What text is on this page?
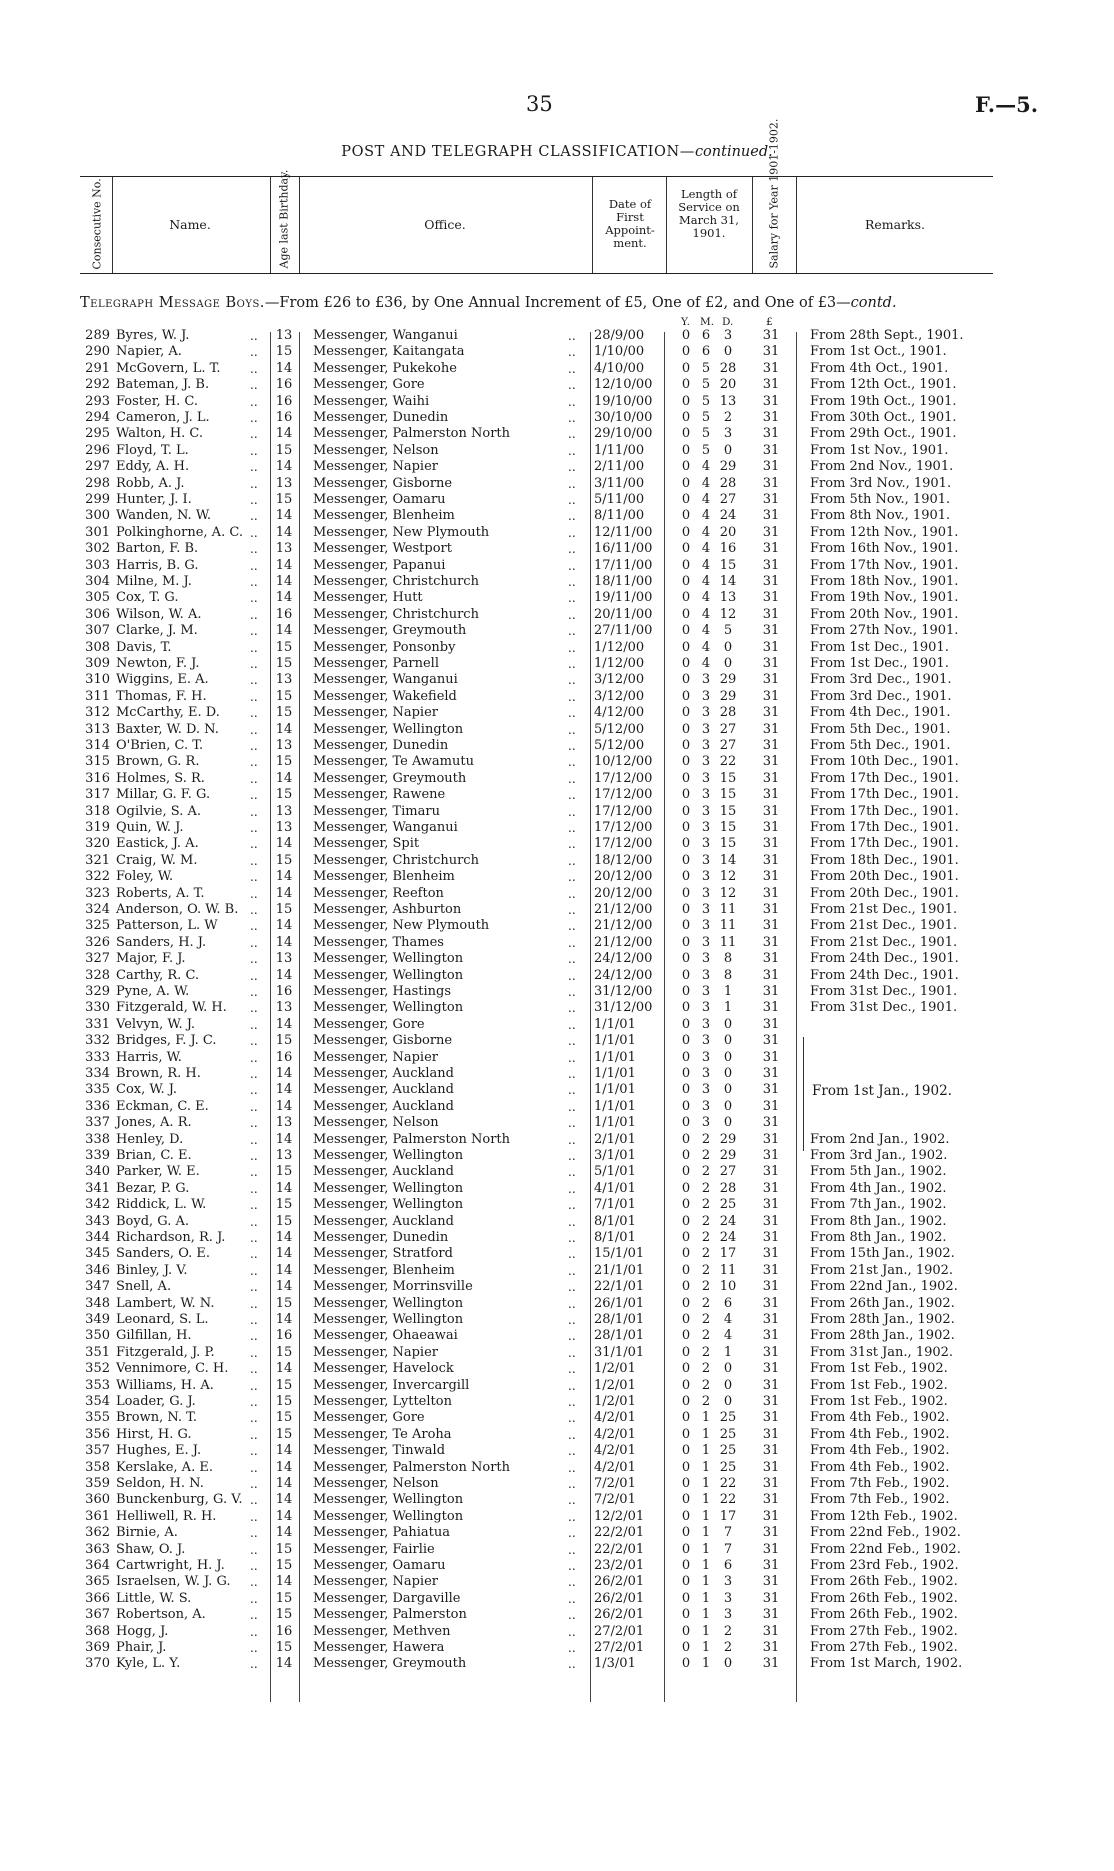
35	F.—5.
POST AND TELEGRAPH CLASSIFICATION—continued.
Consecutive No.	Name.	Age last Birthday.	Office.
Date of First Appoint- ment.
Length of Service on March 31, 1901.	Salary for Year 1901-1902.	Remarks.
Telegraph Message Boys.—From £26 to £36, by One Annual Increment of £5, One of £2, and One of £3—contd.
Y. M. D.	£
289 Byres, W. J.	13 Messenger, Wanganui	28/9/00	0 6	3	31	From 28th Sept., 1901.
..	..
290 Napier, A.	15 Messenger, Kaitangata	1/10/00	0 6	0	31	From 1st Oct., 1901.
..	..
291 McGovern, L. T.	14 Messenger, Pukekohe	4/10/00	0 5 28	31	From 4th Oct., 1901.
..	..
292 Bateman, J. B.	16 Messenger, Gore	12/10/00	0 5 20	31	From 12th Oct., 1901.
..	..
293 Foster, H. C.	16 Messenger, Waihi	19/10/00	0 5 13	31	From 19th Oct., 1901.
..	..
294 Cameron, J. L.	16 Messenger, Dunedin	30/10/00	0 5	2	31	From 30th Oct., 1901.
..	..
295 Walton, H. C.	14 Messenger, Palmerston North	29/10/00	0 5	3	31	From 29th Oct., 1901.
..	..
296 Floyd, T. L.	15 Messenger, Nelson	1/11/00	0 5	0	31	From 1st Nov., 1901.
..	..
297 Eddy, A. H.	14 Messenger, Napier	2/11/00	0 4 29	31	From 2nd Nov., 1901.
..	..
298 Robb, A. J.	13 Messenger, Gisborne	3/11/00	0 4 28	31	From 3rd Nov., 1901.
..	..
299 Hunter, J. I.	15 Messenger, Oamaru	5/11/00	0 4 27	31	From 5th Nov., 1901.
..	..
300 Wanden, N. W.	14 Messenger, Blenheim	8/11/00	0 4 24	31	From 8th Nov., 1901.
..	..
301 Polkinghorne, A. C.	14 Messenger, New Plymouth	12/11/00	0 4 20	31	From 12th Nov., 1901.
..	..
302 Barton, F. B.	13 Messenger, Westport	16/11/00	0 4 16	31	From 16th Nov., 1901.
..	..
303 Harris, B. G.	14 Messenger, Papanui	17/11/00	0 4 15	31	From 17th Nov., 1901.
..	..
304 Milne, M. J.	14 Messenger, Christchurch	18/11/00	0 4 14	31	From 18th Nov., 1901.
..	..
305 Cox, T. G.	14 Messenger, Hutt	19/11/00	0 4 13	31	From 19th Nov., 1901.
..	..
306 Wilson, W. A.	16 Messenger, Christchurch	20/11/00	0 4 12	31	From 20th Nov., 1901.
..	..
307 Clarke, J. M.	14 Messenger, Greymouth	27/11/00	0 4	5	31	From 27th Nov., 1901.
..	..
308 Davis, T.	15 Messenger, Ponsonby	1/12/00	0 4	0	31	From 1st Dec., 1901.
..	..
309 Newton, F. J.	15 Messenger, Parnell	1/12/00	0 4	0	31	From 1st Dec., 1901.
..	..
310 Wiggins, E. A.	13 Messenger, Wanganui	3/12/00	0 3 29	31	From 3rd Dec., 1901.
..	..
311 Thomas, F. H.	15 Messenger, Wakefield	3/12/00	0 3 29	31	From 3rd Dec., 1901.
..	..
312 McCarthy, E. D.	15 Messenger, Napier	4/12/00	0 3 28	31	From 4th Dec., 1901.
..	..
313 Baxter, W. D. N.	14 Messenger, Wellington	5/12/00	0 3 27	31	From 5th Dec., 1901.
..	..
314 O'Brien, C. T.	13 Messenger, Dunedin	5/12/00	0 3 27	31	From 5th Dec., 1901.
..	..
315 Brown, G. R.	15 Messenger, Te Awamutu	10/12/00	0 3 22	31	From 10th Dec., 1901.
..	..
316 Holmes, S. R.	14 Messenger, Greymouth	17/12/00	0 3 15	31	From 17th Dec., 1901.
..	..
317 Millar, G. F. G.	15 Messenger, Rawene	17/12/00	0 3 15	31	From 17th Dec., 1901.
..	..
318 Ogilvie, S. A.	13 Messenger, Timaru	17/12/00	0 3 15	31	From 17th Dec., 1901.
..	..
319 Quin, W. J.	13 Messenger, Wanganui	17/12/00	0 3 15	31	From 17th Dec., 1901.
..	..
320 Eastick, J. A.	14 Messenger, Spit	17/12/00	0 3 15	31	From 17th Dec., 1901.
..	..
321 Craig, W. M.	15 Messenger, Christchurch	18/12/00	0 3 14	31	From 18th Dec., 1901.
..	..
322 Foley, W.	14 Messenger, Blenheim	20/12/00	0 3 12	31	From 20th Dec., 1901.
..	..
323 Roberts, A. T.	14 Messenger, Reefton	20/12/00	0 3 12	31	From 20th Dec., 1901.
..	..
324 Anderson, O. W. B.	15 Messenger, Ashburton	21/12/00	0 3 11	31	From 21st Dec., 1901.
..	..
325 Patterson, L. W	14 Messenger, New Plymouth	21/12/00	0 3 11	31	From 21st Dec., 1901.
..	..
326 Sanders, H. J.	14 Messenger, Thames	21/12/00	0 3 11	31	From 21st Dec., 1901.
..	..
327 Major, F. J.	13 Messenger, Wellington	24/12/00	0 3	8	31	From 24th Dec., 1901.
..	..
328 Carthy, R. C.	14 Messenger, Wellington	24/12/00	0 3	8	31	From 24th Dec., 1901.
..	..
329 Pyne, A. W.	16 Messenger, Hastings	31/12/00	0 3	1	31	From 31st Dec., 1901.
..	..
330 Fitzgerald, W. H.	13 Messenger, Wellington	31/12/00	0 3	1	31	From 31st Dec., 1901.
..	..
331 Velvyn, W. J.	14 Messenger, Gore	1/1/01	0 3	0	31
..	..
332 Bridges, F. J. C.	15 Messenger, Gisborne	1/1/01	0 3	0	31
..	..
333 Harris, W.	16 Messenger, Napier	1/1/01	0 3	0	31
..	..
334 Brown, R. H.	14 Messenger, Auckland	1/1/01	0 3	0	31
..	..
335 Cox, W. J.	14 Messenger, Auckland	1/1/01	0 3	0	31
..	..
336 Eckman, C. E.	14 Messenger, Auckland	1/1/01	0 3	0	31
..	..
337 Jones, A. R.	13 Messenger, Nelson	1/1/01	0 3	0	31
..	..
338 Henley, D.	14 Messenger, Palmerston North	2/1/01	0 2 29	31	From 2nd Jan., 1902.
..	..
339 Brian, C. E.	13 Messenger, Wellington	3/1/01	0 2 29	31	From 3rd Jan., 1902.
..	..
340 Parker, W. E.	15 Messenger, Auckland	5/1/01	0 2 27	31	From 5th Jan., 1902.
..	..
341 Bezar, P. G.	14 Messenger, Wellington	4/1/01	0 2 28	31	From 4th Jan., 1902.
..	..
342 Riddick, L. W.	15 Messenger, Wellington	7/1/01	0 2 25	31	From 7th Jan., 1902.
..	..
343 Boyd, G. A.	15 Messenger, Auckland	8/1/01	0 2 24	31	From 8th Jan., 1902.
..	..
344 Richardson, R. J.	14 Messenger, Dunedin	8/1/01	0 2 24	31	From 8th Jan., 1902.
..	..
345 Sanders, O. E.	14 Messenger, Stratford	15/1/01	0 2 17	31	From 15th Jan., 1902.
..	..
346 Binley, J. V.	14 Messenger, Blenheim	21/1/01	0 2 11	31	From 21st Jan., 1902.
..	..
347 Snell, A.	14 Messenger, Morrinsville	22/1/01	0 2 10	31	From 22nd Jan., 1902.
..	..
348 Lambert, W. N.	15 Messenger, Wellington	26/1/01	0 2	6	31	From 26th Jan., 1902.
..	..
349 Leonard, S. L.	14 Messenger, Wellington	28/1/01	0 2	4	31	From 28th Jan., 1902.
..	..
350 Gilfillan, H.	16 Messenger, Ohaeawai	28/1/01	0 2	4	31	From 28th Jan., 1902.
..	..
351 Fitzgerald, J. P.	15 Messenger, Napier	31/1/01	0 2	1	31	From 31st Jan., 1902.
..	..
352 Vennimore, C. H.	14 Messenger, Havelock	1/2/01	0 2	0	31	From 1st Feb., 1902.
..	..
353 Williams, H. A.	15 Messenger, Invercargill	1/2/01	0 2	0	31	From 1st Feb., 1902.
..	..
354 Loader, G. J.	15 Messenger, Lyttelton	1/2/01	0 2	0	31	From 1st Feb., 1902.
..	..
355 Brown, N. T.	15 Messenger, Gore	4/2/01	0 1 25	31	From 4th Feb., 1902.
..	..
356 Hirst, H. G.	15 Messenger, Te Aroha	4/2/01	0 1 25	31	From 4th Feb., 1902.
..	..
357 Hughes, E. J.	14 Messenger, Tinwald	4/2/01	0 1 25	31	From 4th Feb., 1902.
..	..
358 Kerslake, A. E.	14 Messenger, Palmerston North	4/2/01	0 1 25	31	From 4th Feb., 1902.
..	..
359 Seldon, H. N.	14 Messenger, Nelson	7/2/01	0 1 22	31	From 7th Feb., 1902.
..	..
360 Bunckenburg, G. V.	14 Messenger, Wellington	7/2/01	0 1 22	31	From 7th Feb., 1902.
..	..
361 Helliwell, R. H.	14 Messenger, Wellington	12/2/01	0 1 17	31	From 12th Feb., 1902.
..	..
362 Birnie, A.	14 Messenger, Pahiatua	22/2/01	0 1	7	31	From 22nd Feb., 1902.
..	..
363 Shaw, O. J.	15 Messenger, Fairlie	22/2/01	0 1	7	31	From 22nd Feb., 1902.
..	..
364 Cartwright, H. J.	15 Messenger, Oamaru	23/2/01	0 1	6	31	From 23rd Feb., 1902.
..	..
365 Israelsen, W. J. G.	14 Messenger, Napier	26/2/01	0 1	3	31	From 26th Feb., 1902.
..	..
366 Little, W. S.	15 Messenger, Dargaville	26/2/01	0 1	3	31	From 26th Feb., 1902.
..	..
367 Robertson, A.	15 Messenger, Palmerston	26/2/01	0 1	3	31	From 26th Feb., 1902.
..	..
368 Hogg, J.	16 Messenger, Methven	27/2/01	0 1	2	31	From 27th Feb., 1902.
..	..
369 Phair, J.	15 Messenger, Hawera	27/2/01	0 1	2	31	From 27th Feb., 1902.
..	..
370 Kyle, L. Y.	14 Messenger, Greymouth	1/3/01	0 1	0	31	From 1st March, 1902.
..	..
From 1st Jan., 1902.
